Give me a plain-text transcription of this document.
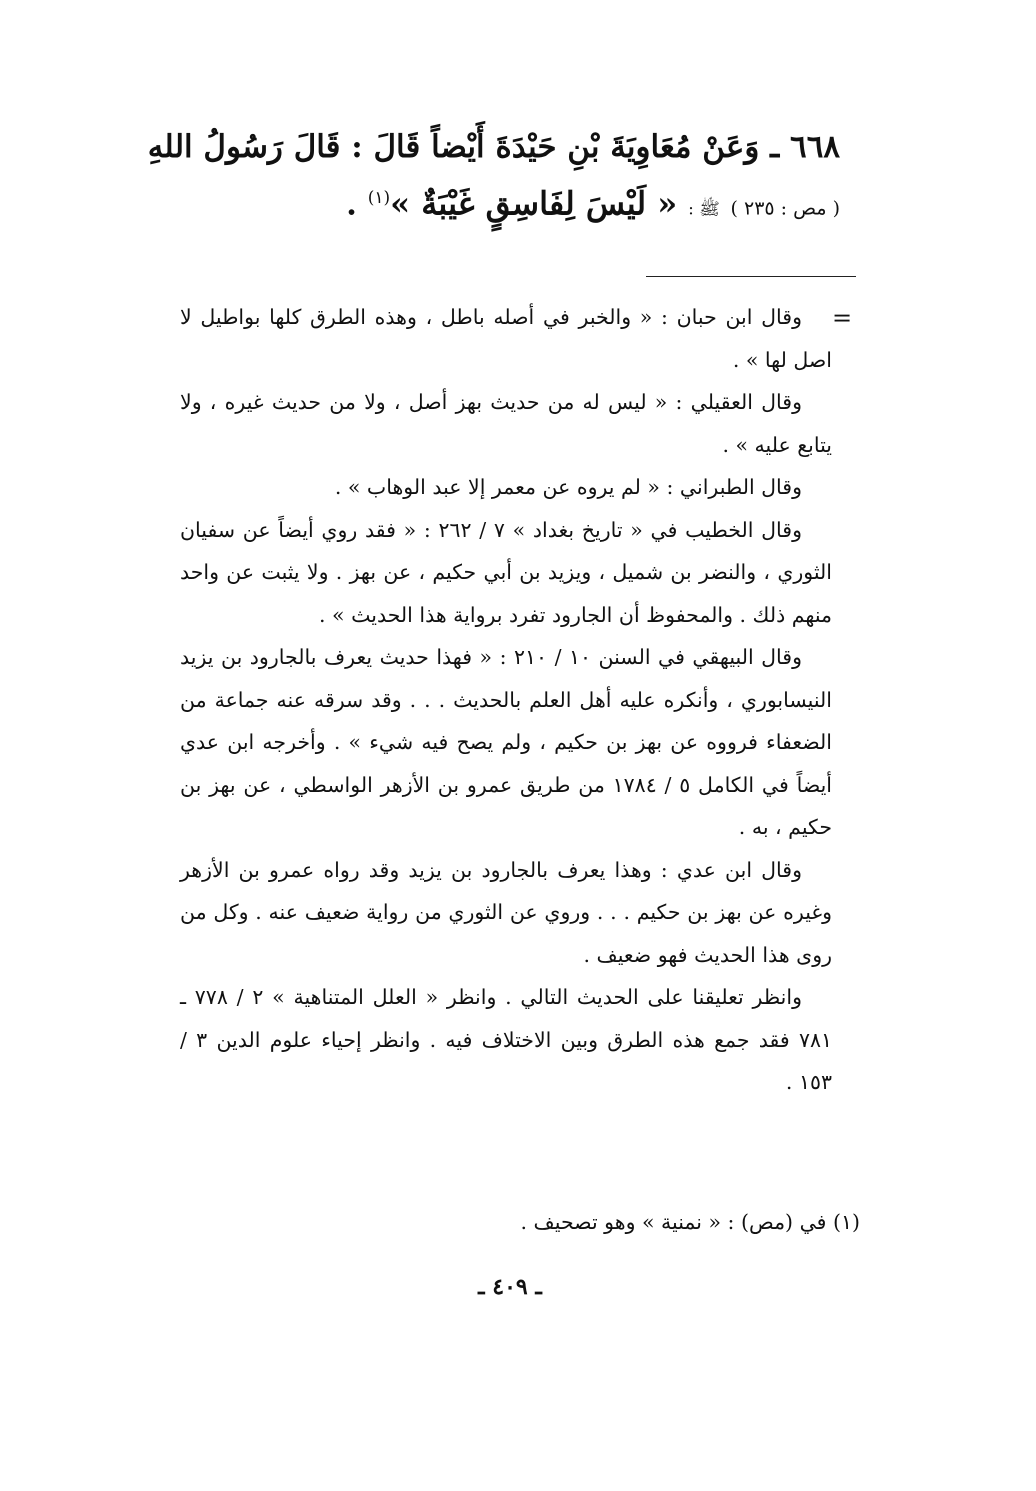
٦٦٨ ـ وَعَنْ مُعَاوِيَةَ بْنِ حَيْدَةَ أَيْضاً قَالَ : قَالَ رَسُولُ اللهِ
( مص : ٢٣٥ ) ﷺ : « لَيْسَ لِفَاسِقٍ غَيْبَةٌ »$^{(١)}$ .
=

وقال ابن حبان : « والخبر في أصله باطل ، وهذه الطرق كلها بواطيل لا اصل لها » .

وقال العقيلي : « ليس له من حديث بهز أصل ، ولا من حديث غيره ، ولا يتابع عليه » .

وقال الطبراني : « لم يروه عن معمر إلا عبد الوهاب » .

وقال الخطيب في « تاريخ بغداد » ٧ / ٢٦٢ : « فقد روي أيضاً عن سفيان الثوري ، والنضر بن شميل ، ويزيد بن أبي حكيم ، عن بهز . ولا يثبت عن واحد منهم ذلك . والمحفوظ أن الجارود تفرد برواية هذا الحديث » .

وقال البيهقي في السنن ١٠ / ٢١٠ : « فهذا حديث يعرف بالجارود بن يزيد النيسابوري ، وأنكره عليه أهل العلم بالحديث . . . وقد سرقه عنه جماعة من الضعفاء فرووه عن بهز بن حكيم ، ولم يصح فيه شيء » . وأخرجه ابن عدي أيضاً في الكامل ٥ / ١٧٨٤ من طريق عمرو بن الأزهر الواسطي ، عن بهز بن حكيم ، به .

وقال ابن عدي : وهذا يعرف بالجارود بن يزيد وقد رواه عمرو بن الأزهر وغيره عن بهز بن حكيم . . . وروي عن الثوري من رواية ضعيف عنه . وكل من روى هذا الحديث فهو ضعيف .

وانظر تعليقنا على الحديث التالي . وانظر « العلل المتناهية » ٢ / ٧٧٨ ـ ٧٨١ فقد جمع هذه الطرق وبين الاختلاف فيه . وانظر إحياء علوم الدين ٣ / ١٥٣ .

(١) في (مص) : « نمنية » وهو تصحيف .
ـ ٤٠٩ ـ
